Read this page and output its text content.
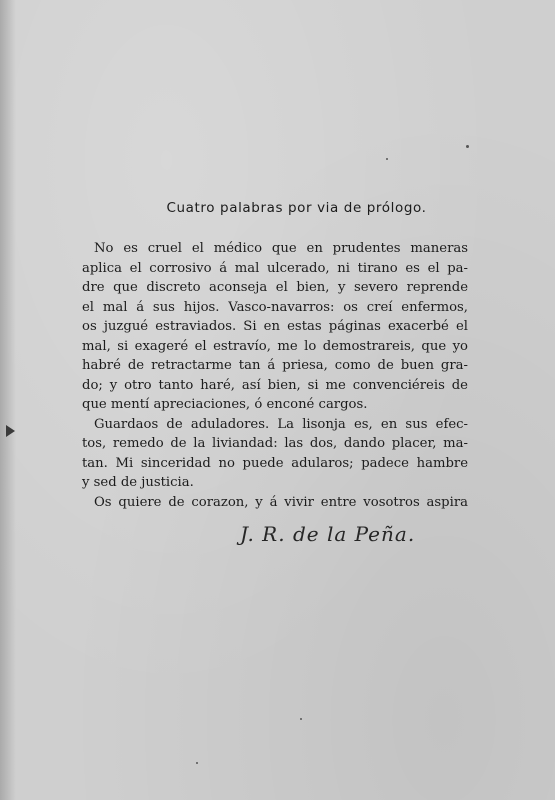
Cuatro palabras por via de prólogo.
No es cruel el médico que en prudentes maneras
aplica el corrosivo á mal ulcerado, ni tirano es el pa-
dre que discreto aconseja el bien, y severo reprende
el mal á sus hijos. Vasco-navarros: os creí enfermos,
os juzgué estraviados. Si en estas páginas exacerbé el
mal, si exageré el estravío, me lo demostrareis, que yo
habré de retractarme tan á priesa, como de buen gra-
do; y otro tanto haré, así bien, si me convenciéreis de
que mentí apreciaciones, ó enconé cargos.
Guardaos de aduladores. La lisonja es, en sus efec-
tos, remedo de la liviandad: las dos, dando placer, ma-
tan. Mi sinceridad no puede adularos; padece hambre
y sed de justicia.
Os quiere de corazon, y á vivir entre vosotros aspira
J. R. de la Peña.
